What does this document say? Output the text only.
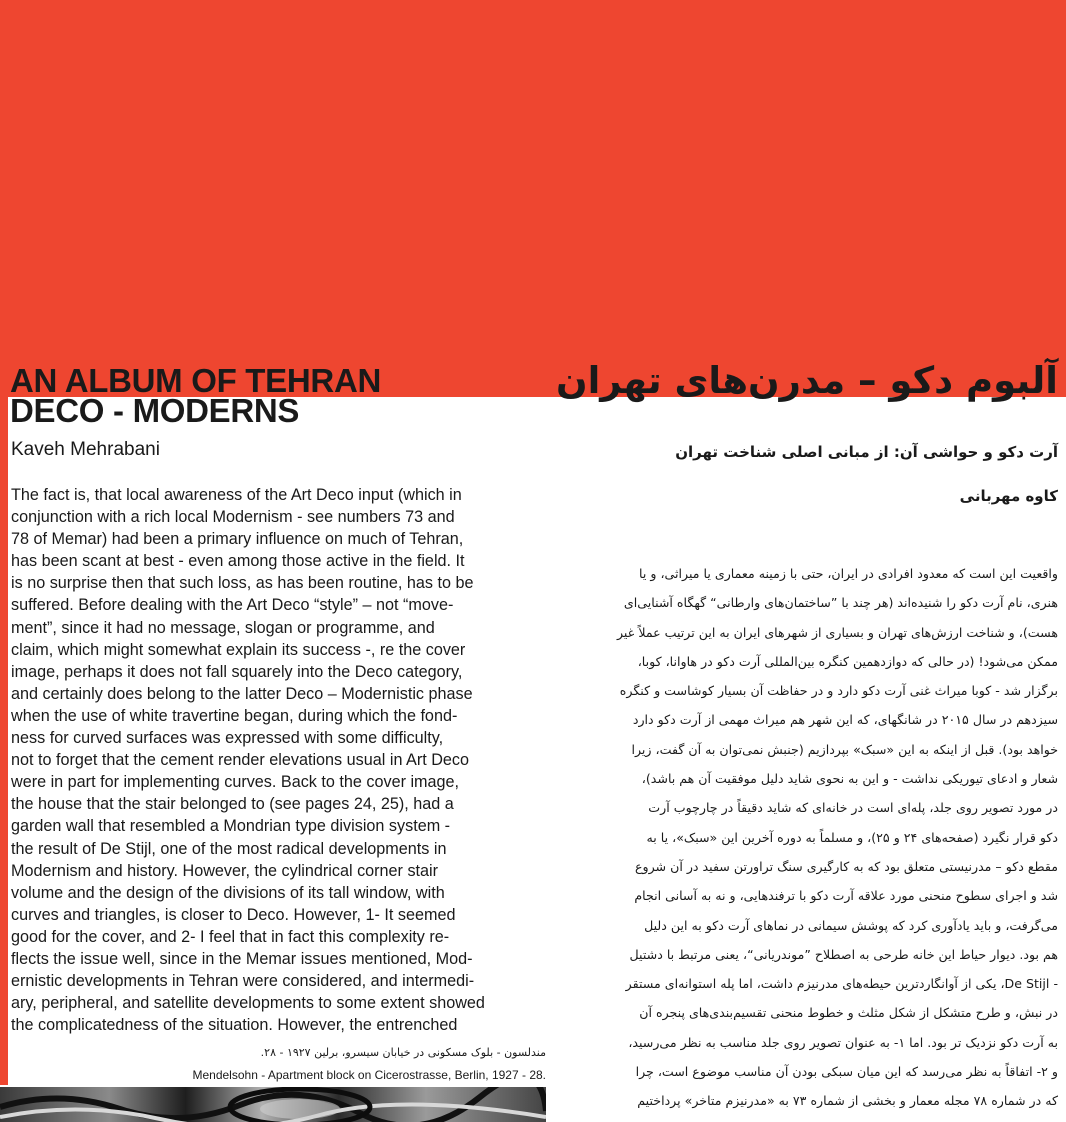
AN ALBUM OF TEHRAN
DECO - MODERNS
آلبوم دکو – مدرن‌های تهران
Kaveh Mehrabani	آرت دکو و حواشی آن: از مبانی اصلی شناخت تهران
کاوه مهربانی
The fact is, that local awareness of the Art Deco input (which in
conjunction with a rich local Modernism - see numbers 73 and
78 of Memar) had been a primary influence on much of Tehran,
has been scant at best - even among those active in the field. It
is no surprise then that such loss, as has been routine, has to be
suffered. Before dealing with the Art Deco “style” – not “move-
ment”, since it had no message, slogan or programme, and
claim, which might somewhat explain its success -, re the cover
image, perhaps it does not fall squarely into the Deco category,
and certainly does belong to the latter Deco – Modernistic phase
when the use of white travertine began, during which the fond-
ness for curved surfaces was expressed with some difficulty,
not to forget that the cement render elevations usual in Art Deco
were in part for implementing curves. Back to the cover image,
the house that the stair belonged to (see pages 24, 25), had a
garden wall that resembled a Mondrian type division system -
the result of De Stijl, one of the most radical developments in
Modernism and history. However, the cylindrical corner stair
volume and the design of the divisions of its tall window, with
curves and triangles, is closer to Deco. However, 1- It seemed
good for the cover, and 2- I feel that in fact this complexity re-
flects the issue well, since in the Memar issues mentioned, Mod-
ernistic developments in Tehran were considered, and intermedi-
ary, peripheral, and satellite developments to some extent showed
the complicatedness of the situation. However, the entrenched
واقعیت این است که معدود افرادی در ایران، حتی با زمینه معماری یا میراثی، و یا
هنری، نام آرت دکو را شنیده‌اند (هر چند با ”ساختمان‌های وارطانی“ گهگاه آشنایی‌ای
هست)، و شناخت ارزش‌های تهران و بسیاری از شهرهای ایران به این ترتیب عملاً غیر
ممکن می‌شود! (در حالی که دوازدهمین کنگره بین‌المللی آرت دکو در هاوانا، کوبا،
برگزار شد - کوبا میراث غنی آرت دکو دارد و در حفاظت آن بسیار کوشاست و کنگره
سیزدهم در سال ۲۰۱۵ در شانگهای، که این شهر هم میراث مهمی از آرت دکو دارد
خواهد بود). قبل از اینکه به این «سبک» بپردازیم (جنبش نمی‌توان به آن گفت، زیرا
شعار و ادعای تیوریکی نداشت - و این به نحوی شاید دلیل موفقیت آن هم باشد)،
در مورد تصویر روی جلد، پله‌ای است در خانه‌ای که شاید دقیقاً در چارچوب آرت
دکو قرار نگیرد (صفحه‌های ۲۴ و ۲۵)، و مسلماً به دوره آخرین این «سبک»، یا به
مقطع دکو – مدرنیستی متعلق بود که به کارگیری سنگ تراورتن سفید در آن شروع
شد و اجرای سطوح منحنی مورد علاقه آرت دکو با ترفندهایی، و نه به آسانی انجام
می‌گرفت، و باید یادآوری کرد که پوشش سیمانی در نماهای آرت دکو به این دلیل
هم بود. دیوار حیاط این خانه طرحی به اصطلاح ”موندریانی“، یعنی مرتبط با دشتیل
- De Stijl، یکی از آوانگاردترین حیطه‌های مدرنیزم داشت، اما پله استوانه‌ای مستقر
در نبش، و طرح متشکل از شکل مثلث و خطوط منحنی تقسیم‌بندی‌های پنجره آن
به آرت دکو نزدیک تر بود. اما ۱- به عنوان تصویر روی جلد مناسب به نظر می‌رسید،
و ۲- اتفاقاً به نظر می‌رسد که این میان سبکی بودن آن مناسب موضوع است، چرا
که در شماره ۷۸ مجله معمار و بخشی از شماره ۷۳ به «مدرنیزم متاخر» پرداختیم
مندلسون - بلوک مسکونی در خیابان سیسرو، برلین ۱۹۲۷ - ۲۸.
Mendelsohn - Apartment block on Cicerostrasse, Berlin, 1927 - 28.
